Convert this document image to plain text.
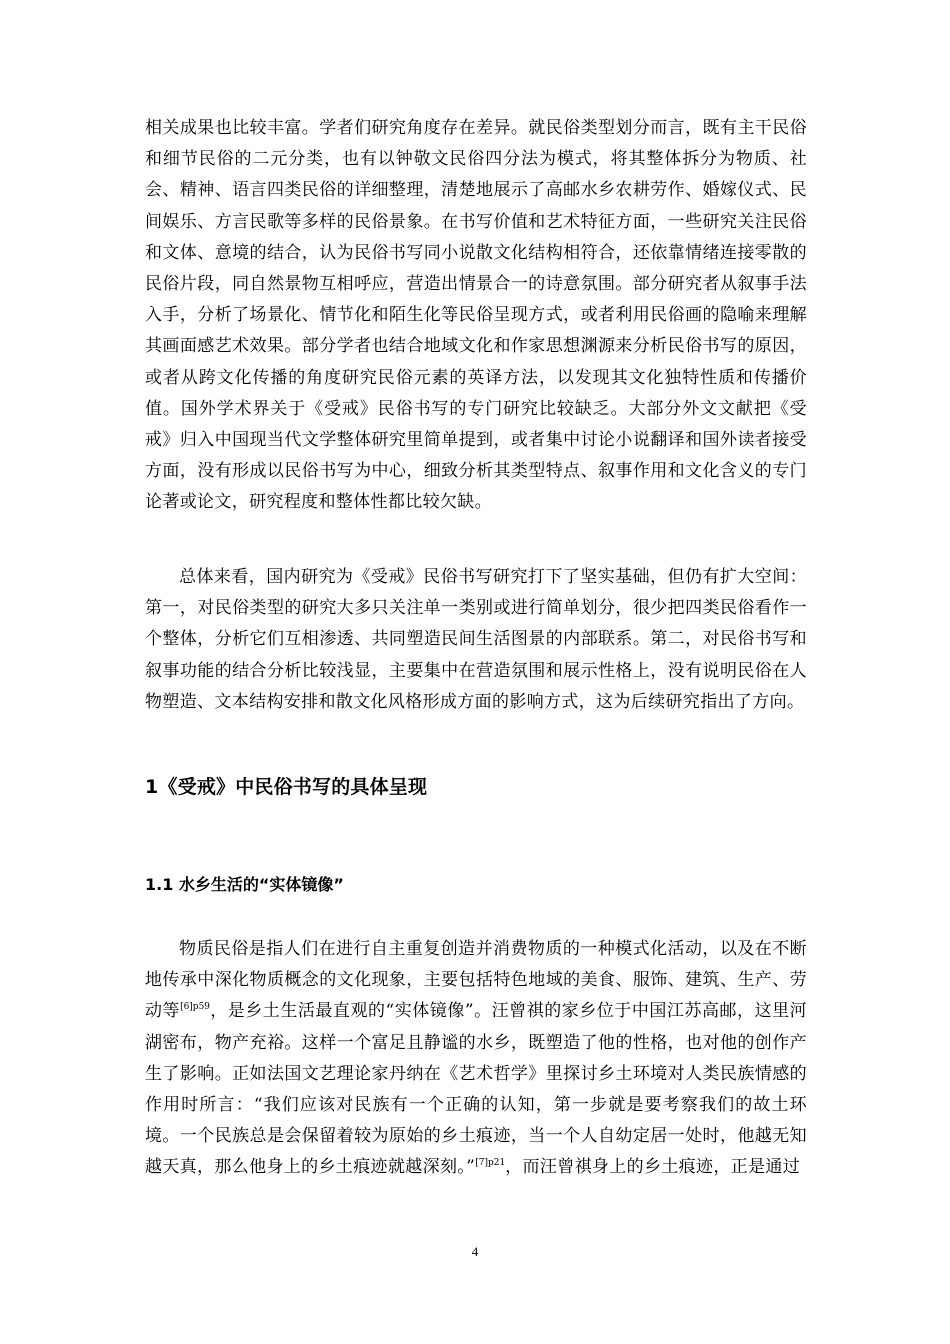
相关成果也比较丰富。学者们研究角度存在差异。就民俗类型划分而言，既有主干民俗和细节民俗的二元分类，也有以钟敬文民俗四分法为模式，将其整体拆分为物质、社会、精神、语言四类民俗的详细整理，清楚地展示了高邮水乡农耕劳作、婚嫁仪式、民间娱乐、方言民歌等多样的民俗景象。在书写价值和艺术特征方面，一些研究关注民俗和文体、意境的结合，认为民俗书写同小说散文化结构相符合，还依靠情绪连接零散的民俗片段，同自然景物互相呼应，营造出情景合一的诗意氛围。部分研究者从叙事手法入手，分析了场景化、情节化和陌生化等民俗呈现方式，或者利用民俗画的隐喻来理解其画面感艺术效果。部分学者也结合地域文化和作家思想渊源来分析民俗书写的原因，或者从跨文化传播的角度研究民俗元素的英译方法，以发现其文化独特性质和传播价值。国外学术界关于《受戒》民俗书写的专门研究比较缺乏。大部分外文文献把《受戒》归入中国现当代文学整体研究里简单提到，或者集中讨论小说翻译和国外读者接受方面，没有形成以民俗书写为中心，细致分析其类型特点、叙事作用和文化含义的专门论著或论文，研究程度和整体性都比较欠缺。

总体来看，国内研究为《受戒》民俗书写研究打下了坚实基础，但仍有扩大空间：第一，对民俗类型的研究大多只关注单一类别或进行简单划分，很少把四类民俗看作一个整体，分析它们互相渗透、共同塑造民间生活图景的内部联系。第二，对民俗书写和叙事功能的结合分析比较浅显，主要集中在营造氛围和展示性格上，没有说明民俗在人物塑造、文本结构安排和散文化风格形成方面的影响方式，这为后续研究指出了方向。

1《受戒》中民俗书写的具体呈现
1.1 水乡生活的“实体镜像”

物质民俗是指人们在进行自主重复创造并消费物质的一种模式化活动，以及在不断地传承中深化物质概念的文化现象，主要包括特色地域的美食、服饰、建筑、生产、劳动等$^{[6]p59}$，是乡土生活最直观的“实体镜像”。汪曾祺的家乡位于中国江苏高邮，这里河湖密布，物产充裕。这样一个富足且静谧的水乡，既塑造了他的性格，也对他的创作产生了影响。正如法国文艺理论家丹纳在《艺术哲学》里探讨乡土环境对人类民族情感的作用时所言：“我们应该对民族有一个正确的认知，第一步就是要考察我们的故土环境。一个民族总是会保留着较为原始的乡土痕迹，当一个人自幼定居一处时，他越无知越天真，那么他身上的乡土痕迹就越深刻。”$^{[7]p21}$，而汪曾祺身上的乡土痕迹，正是通过

4
